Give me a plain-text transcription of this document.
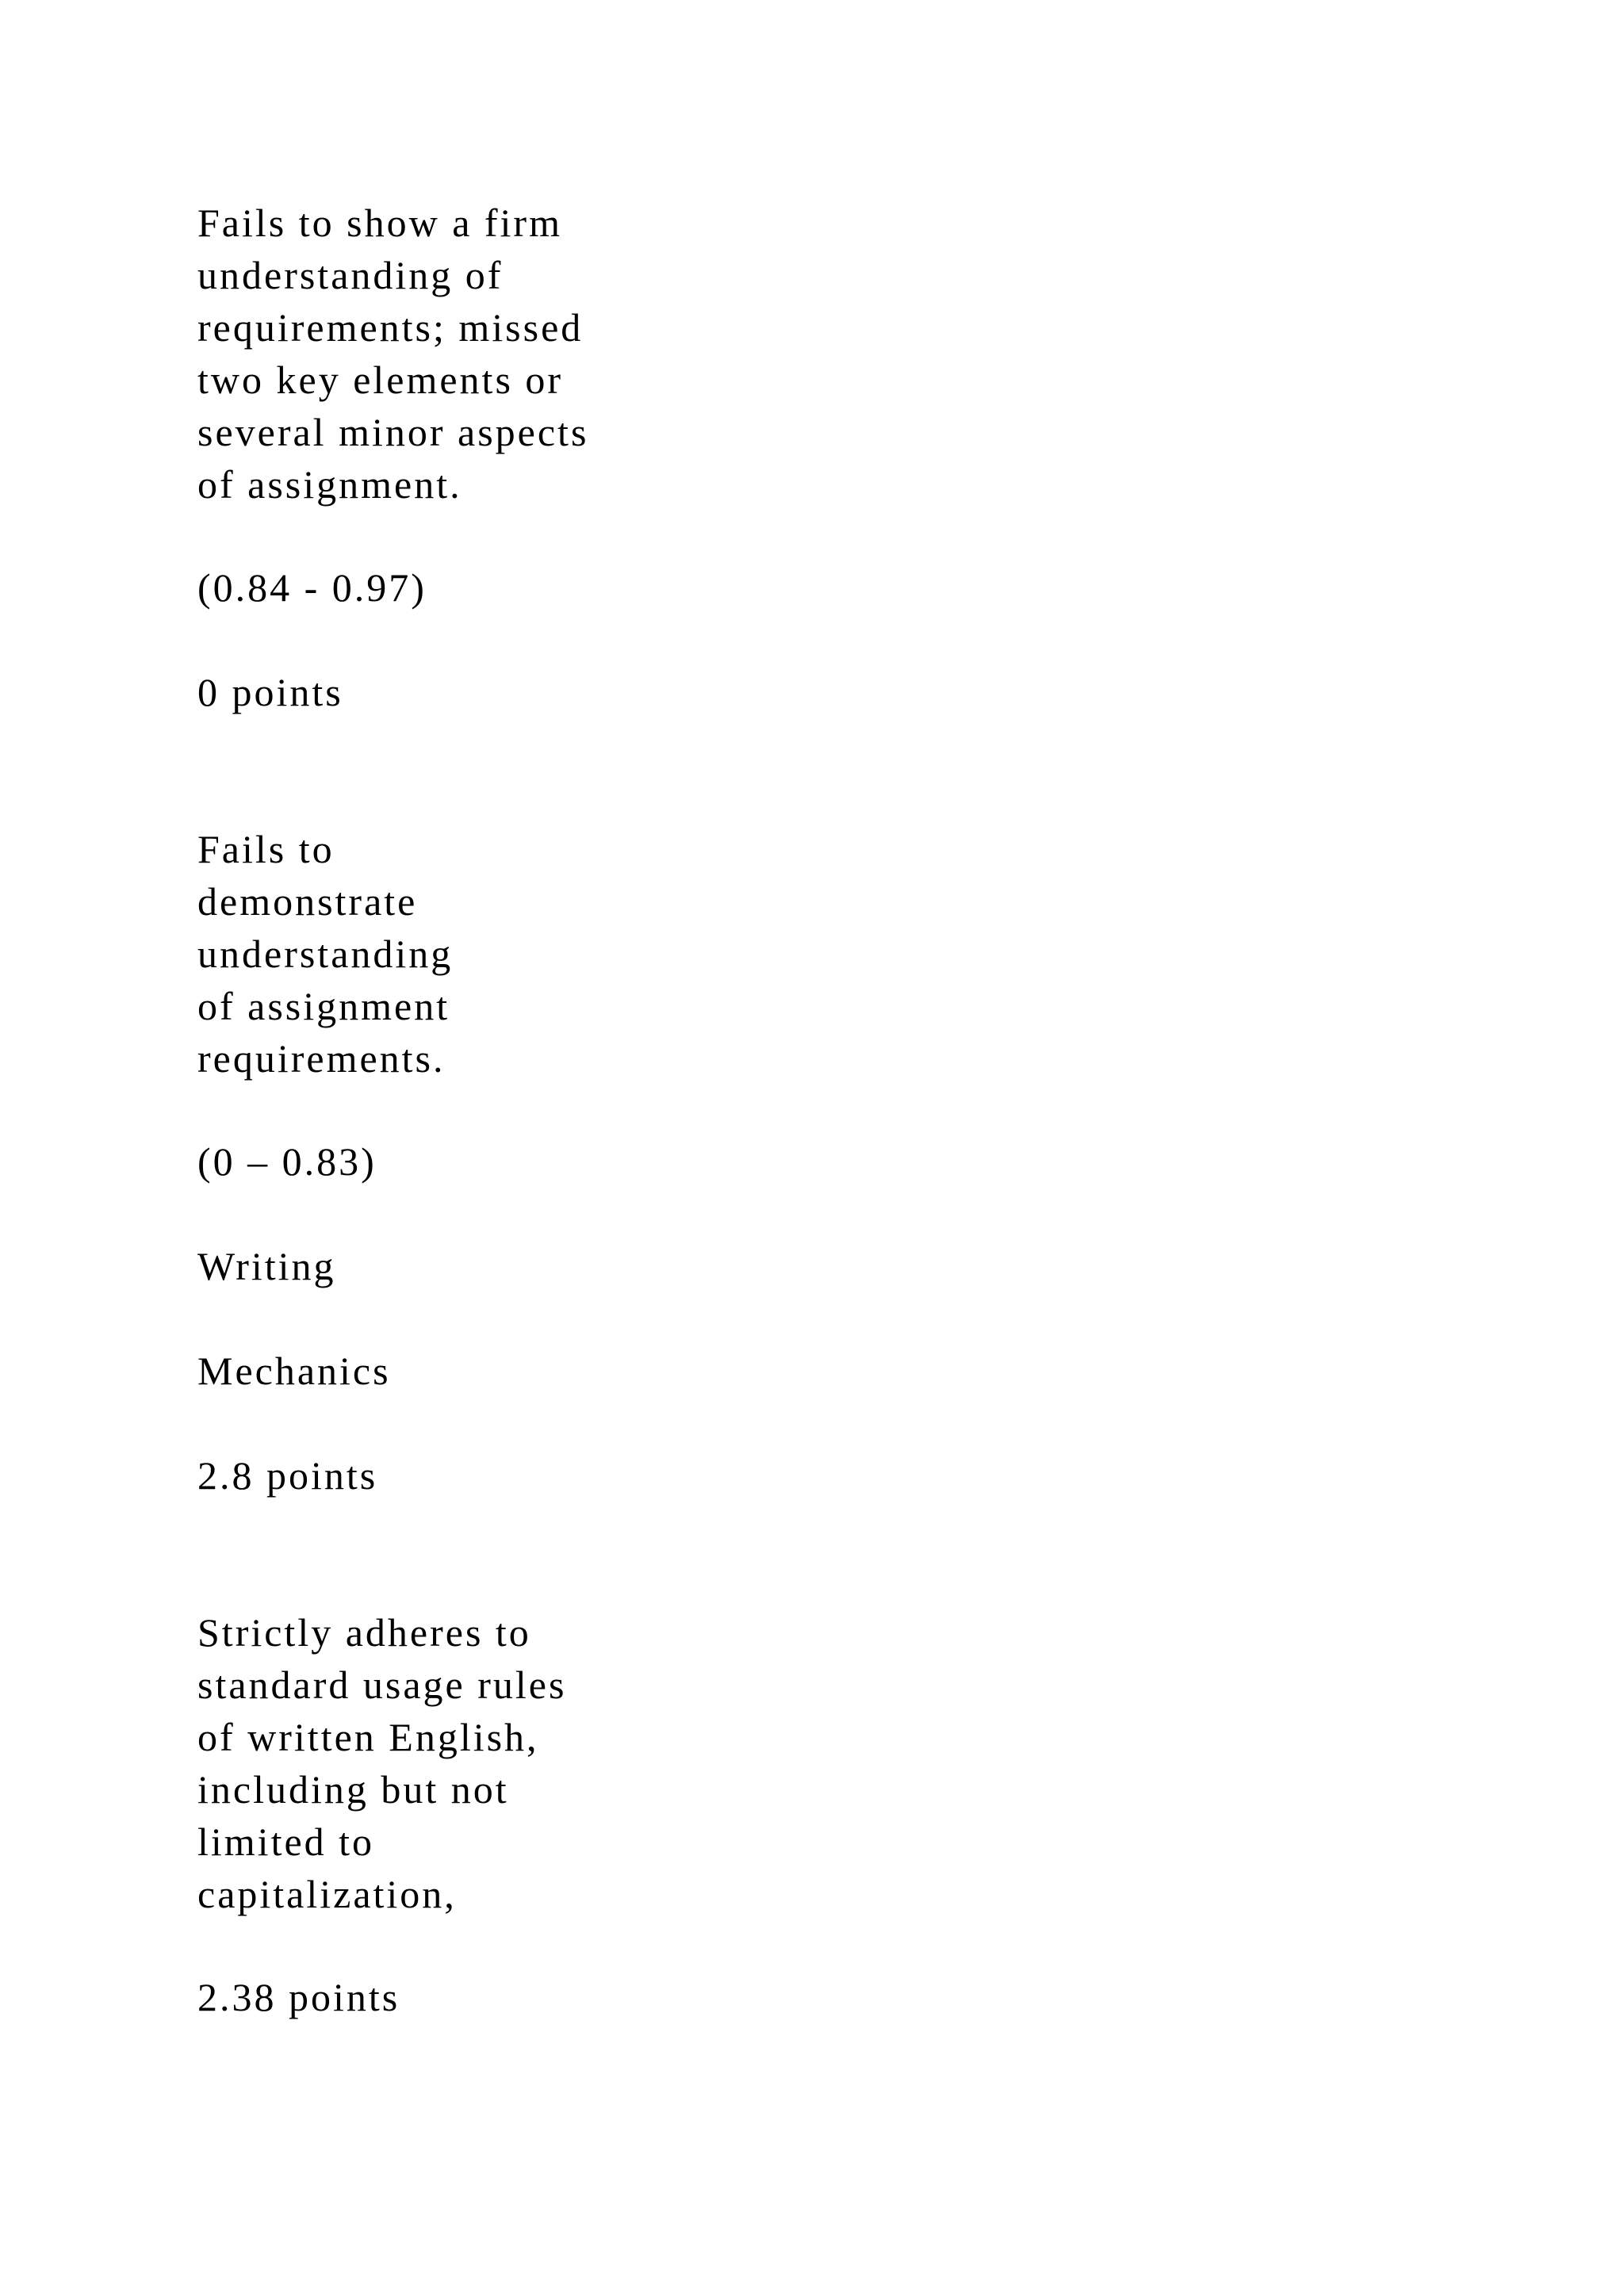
Fails to show a firm
understanding of
requirements; missed
two key elements or
several minor aspects
of assignment.
(0.84 - 0.97)
0 points
Fails to
demonstrate
understanding
of assignment
requirements.
(0 – 0.83)
Writing
Mechanics
2.8 points
Strictly adheres to
standard usage rules
of written English,
including but not
limited to
capitalization,
2.38 points
